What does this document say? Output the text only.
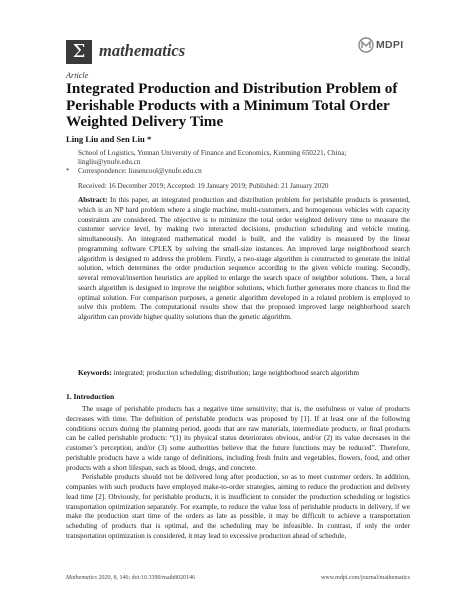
Σ mathematics	MDPI
Article
Integrated Production and Distribution Problem of Perishable Products with a Minimum Total Order Weighted Delivery Time
Ling Liu and Sen Liu *
School of Logistics, Yunnan University of Finance and Economics, Kunming 650221, China; lingliu@ynufe.edu.cn
*	Correspondence: liusencool@ynufe.edu.cn
Received: 16 December 2019; Accepted: 19 January 2019; Published: 21 January 2020
Abstract: In this paper, an integrated production and distribution problem for perishable products is presented, which is an NP hard problem where a single machine, multi-customers, and homogenous vehicles with capacity constraints are considered. The objective is to minimize the total order weighted delivery time to measure the customer service level, by making two interacted decisions, production scheduling and vehicle routing, simultaneously. An integrated mathematical model is built, and the validity is measured by the linear programming software CPLEX by solving the small-size instances. An improved large neighborhood search algorithm is designed to address the problem. Firstly, a two-stage algorithm is constructed to generate the initial solution, which determines the order production sequence according to the given vehicle routing. Secondly, several removal/insertion heuristics are applied to enlarge the search space of neighbor solutions. Then, a local search algorithm is designed to improve the neighbor solutions, which further generates more chances to find the optimal solution. For comparison purposes, a genetic algorithm developed in a related problem is employed to solve this problem. The computational results show that the proposed improved large neighborhood search algorithm can provide higher quality solutions than the genetic algorithm.
Keywords: integrated; production scheduling; distribution; large neighborhood search algorithm
1. Introduction

The usage of perishable products has a negative time sensitivity; that is, the usefulness or value of products decreases with time. The definition of perishable products was proposed by [1]. If at least one of the following conditions occurs during the planning period, goods that are raw materials, intermediate products, or final products can be called perishable products: “(1) its physical status deteriorates obvious, and/or (2) its value decreases in the customer’s perception, and/or (3) some authorities believe that the future functions may be reduced”. Therefore, perishable products have a wide range of definitions, including fresh fruits and vegetables, flowers, food, and other products with a short lifespan, such as blood, drugs, and concrete.

Perishable products should not be delivered long after production, so as to meet customer orders. In addition, companies with such products have employed make-to-order strategies, aiming to reduce the production and delivery lead time [2]. Obviously, for perishable products, it is insufficient to consider the production scheduling or logistics transportation optimization separately. For example, to reduce the value loss of perishable products in delivery, if we make the production start time of the orders as late as possible, it may be difficult to achieve a transportation scheduling of products that is optimal, and the scheduling may be infeasible. In contrast, if only the order transportation optimization is considered, it may lead to excessive production ahead of schedule,

Mathematics 2020, 8, 146; doi:10.3390/math8020146	www.mdpi.com/journal/mathematics
